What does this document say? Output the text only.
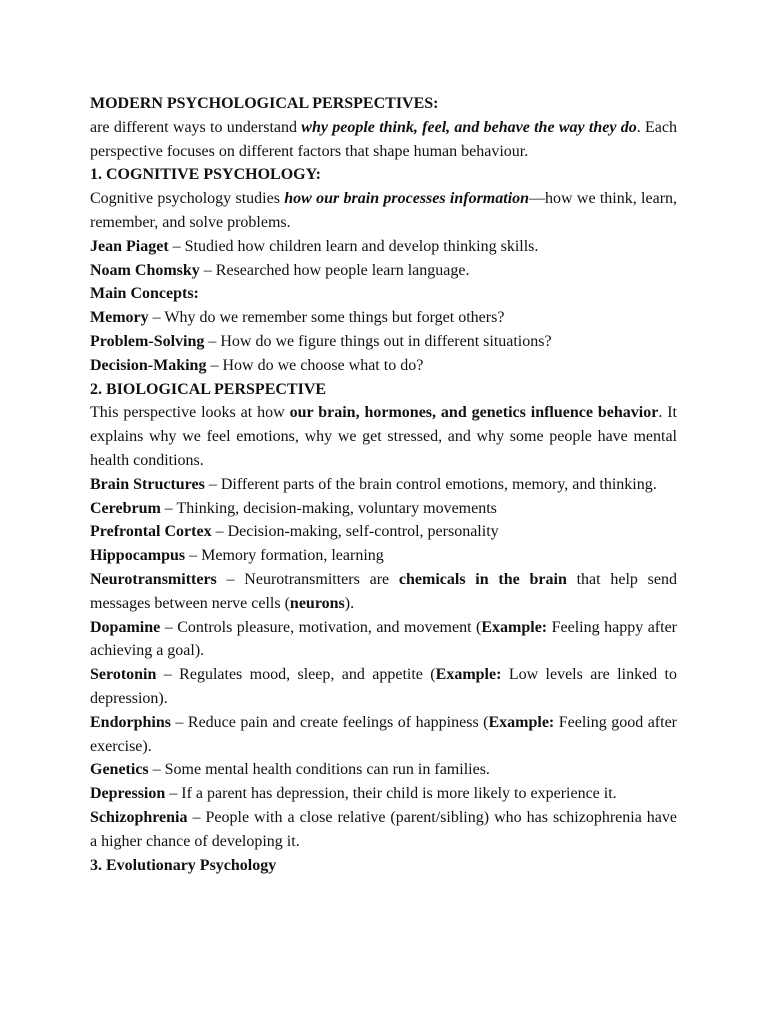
MODERN PSYCHOLOGICAL PERSPECTIVES:

are different ways to understand why people think, feel, and behave the way they do. Each perspective focuses on different factors that shape human behaviour.

1. COGNITIVE PSYCHOLOGY:

Cognitive psychology studies how our brain processes information—how we think, learn, remember, and solve problems.

Jean Piaget – Studied how children learn and develop thinking skills.

Noam Chomsky – Researched how people learn language.

Main Concepts:

Memory – Why do we remember some things but forget others?

Problem-Solving – How do we figure things out in different situations?

Decision-Making – How do we choose what to do?

2. BIOLOGICAL PERSPECTIVE

This perspective looks at how our brain, hormones, and genetics influence behavior. It explains why we feel emotions, why we get stressed, and why some people have mental health conditions.

Brain Structures – Different parts of the brain control emotions, memory, and thinking.

Cerebrum – Thinking, decision-making, voluntary movements

Prefrontal Cortex – Decision-making, self-control, personality

Hippocampus – Memory formation, learning

Neurotransmitters – Neurotransmitters are chemicals in the brain that help send messages between nerve cells (neurons).

Dopamine – Controls pleasure, motivation, and movement (Example: Feeling happy after achieving a goal).

Serotonin – Regulates mood, sleep, and appetite (Example: Low levels are linked to depression).

Endorphins – Reduce pain and create feelings of happiness (Example: Feeling good after exercise).

Genetics – Some mental health conditions can run in families.

Depression – If a parent has depression, their child is more likely to experience it.

Schizophrenia – People with a close relative (parent/sibling) who has schizophrenia have a higher chance of developing it.

3. Evolutionary Psychology
